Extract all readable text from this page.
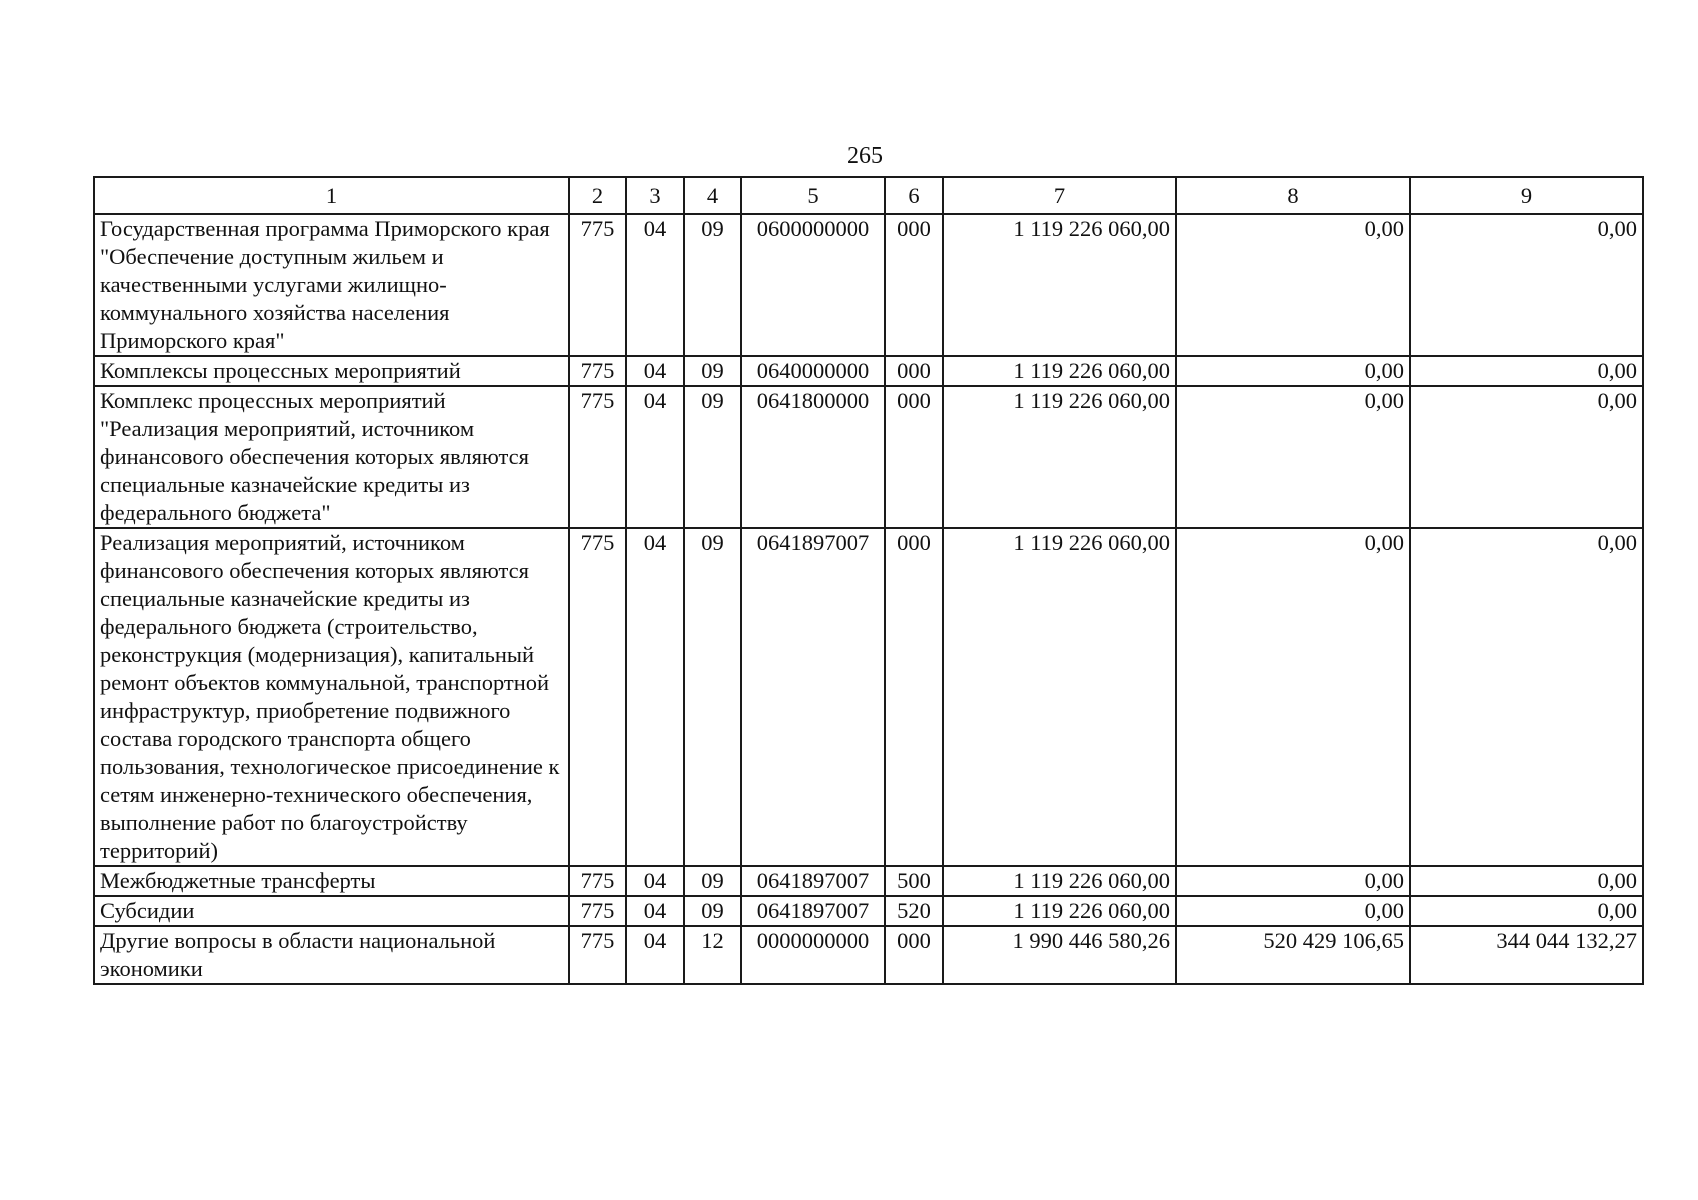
265
1	2	3	4	5	6	7	8	9
Государственная программа Приморского края "Обеспечение доступным жильем и качественными услугами жилищно-коммунального хозяйства населения Приморского края"	775	04	09	0600000000	000	1 119 226 060,00	0,00	0,00
Комплексы процессных мероприятий	775	04	09	0640000000	000	1 119 226 060,00	0,00	0,00
Комплекс процессных мероприятий "Реализация мероприятий, источником финансового обеспечения которых являются специальные казначейские кредиты из федерального бюджета"	775	04	09	0641800000	000	1 119 226 060,00	0,00	0,00
Реализация мероприятий, источником финансового обеспечения которых являются специальные казначейские кредиты из федерального бюджета (строительство, реконструкция (модернизация), капитальный ремонт объектов коммунальной, транспортной инфраструктур, приобретение подвижного состава городского транспорта общего пользования, технологическое присоединение к сетям инженерно-технического обеспечения, выполнение работ по благоустройству территорий)	775	04	09	0641897007	000	1 119 226 060,00	0,00	0,00
Межбюджетные трансферты	775	04	09	0641897007	500	1 119 226 060,00	0,00	0,00
Субсидии	775	04	09	0641897007	520	1 119 226 060,00	0,00	0,00
Другие вопросы в области национальной экономики	775	04	12	0000000000	000	1 990 446 580,26	520 429 106,65	344 044 132,27
